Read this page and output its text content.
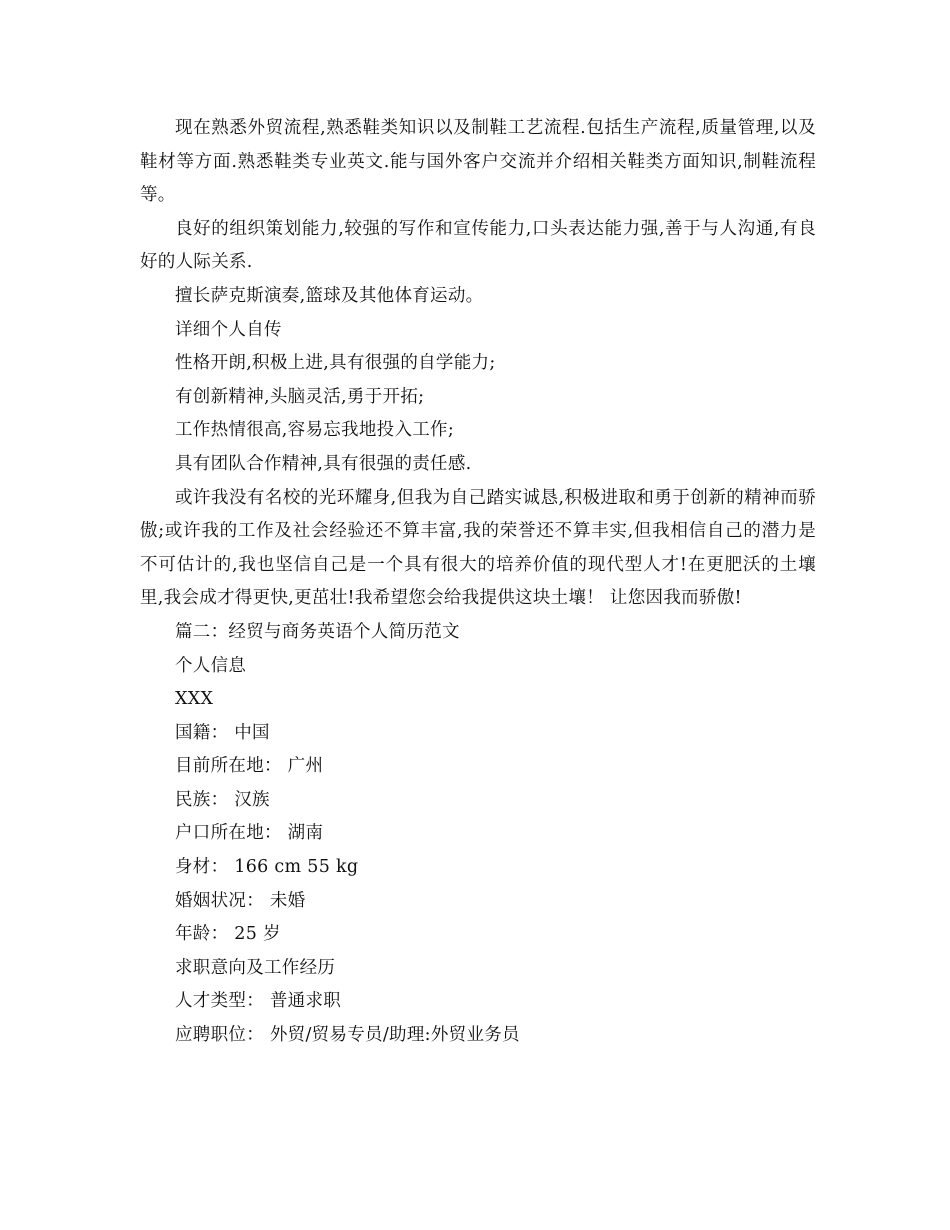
现在熟悉外贸流程,熟悉鞋类知识以及制鞋工艺流程.包括生产流程,质量管理,以及鞋材等方面.熟悉鞋类专业英文.能与国外客户交流并介绍相关鞋类方面知识,制鞋流程等。

良好的组织策划能力,较强的写作和宣传能力,口头表达能力强,善于与人沟通,有良好的人际关系.

擅长萨克斯演奏,篮球及其他体育运动。

详细个人自传

性格开朗,积极上进,具有很强的自学能力;

有创新精神,头脑灵活,勇于开拓;

工作热情很高,容易忘我地投入工作;

具有团队合作精神,具有很强的责任感.

或许我没有名校的光环耀身,但我为自己踏实诚恳,积极进取和勇于创新的精神而骄傲;或许我的工作及社会经验还不算丰富,我的荣誉还不算丰实,但我相信自己的潜力是不可估计的,我也坚信自己是一个具有很大的培养价值的现代型人才!在更肥沃的土壤里,我会成才得更快,更茁壮!我希望您会给我提供这块土壤！ 让您因我而骄傲!

篇二：经贸与商务英语个人简历范文

个人信息

XXX

国籍： 中国

目前所在地： 广州

民族： 汉族

户口所在地： 湖南

身材： 166 cm 55 kg

婚姻状况： 未婚

年龄： 25 岁

求职意向及工作经历

人才类型： 普通求职

应聘职位： 外贸/贸易专员/助理:外贸业务员
